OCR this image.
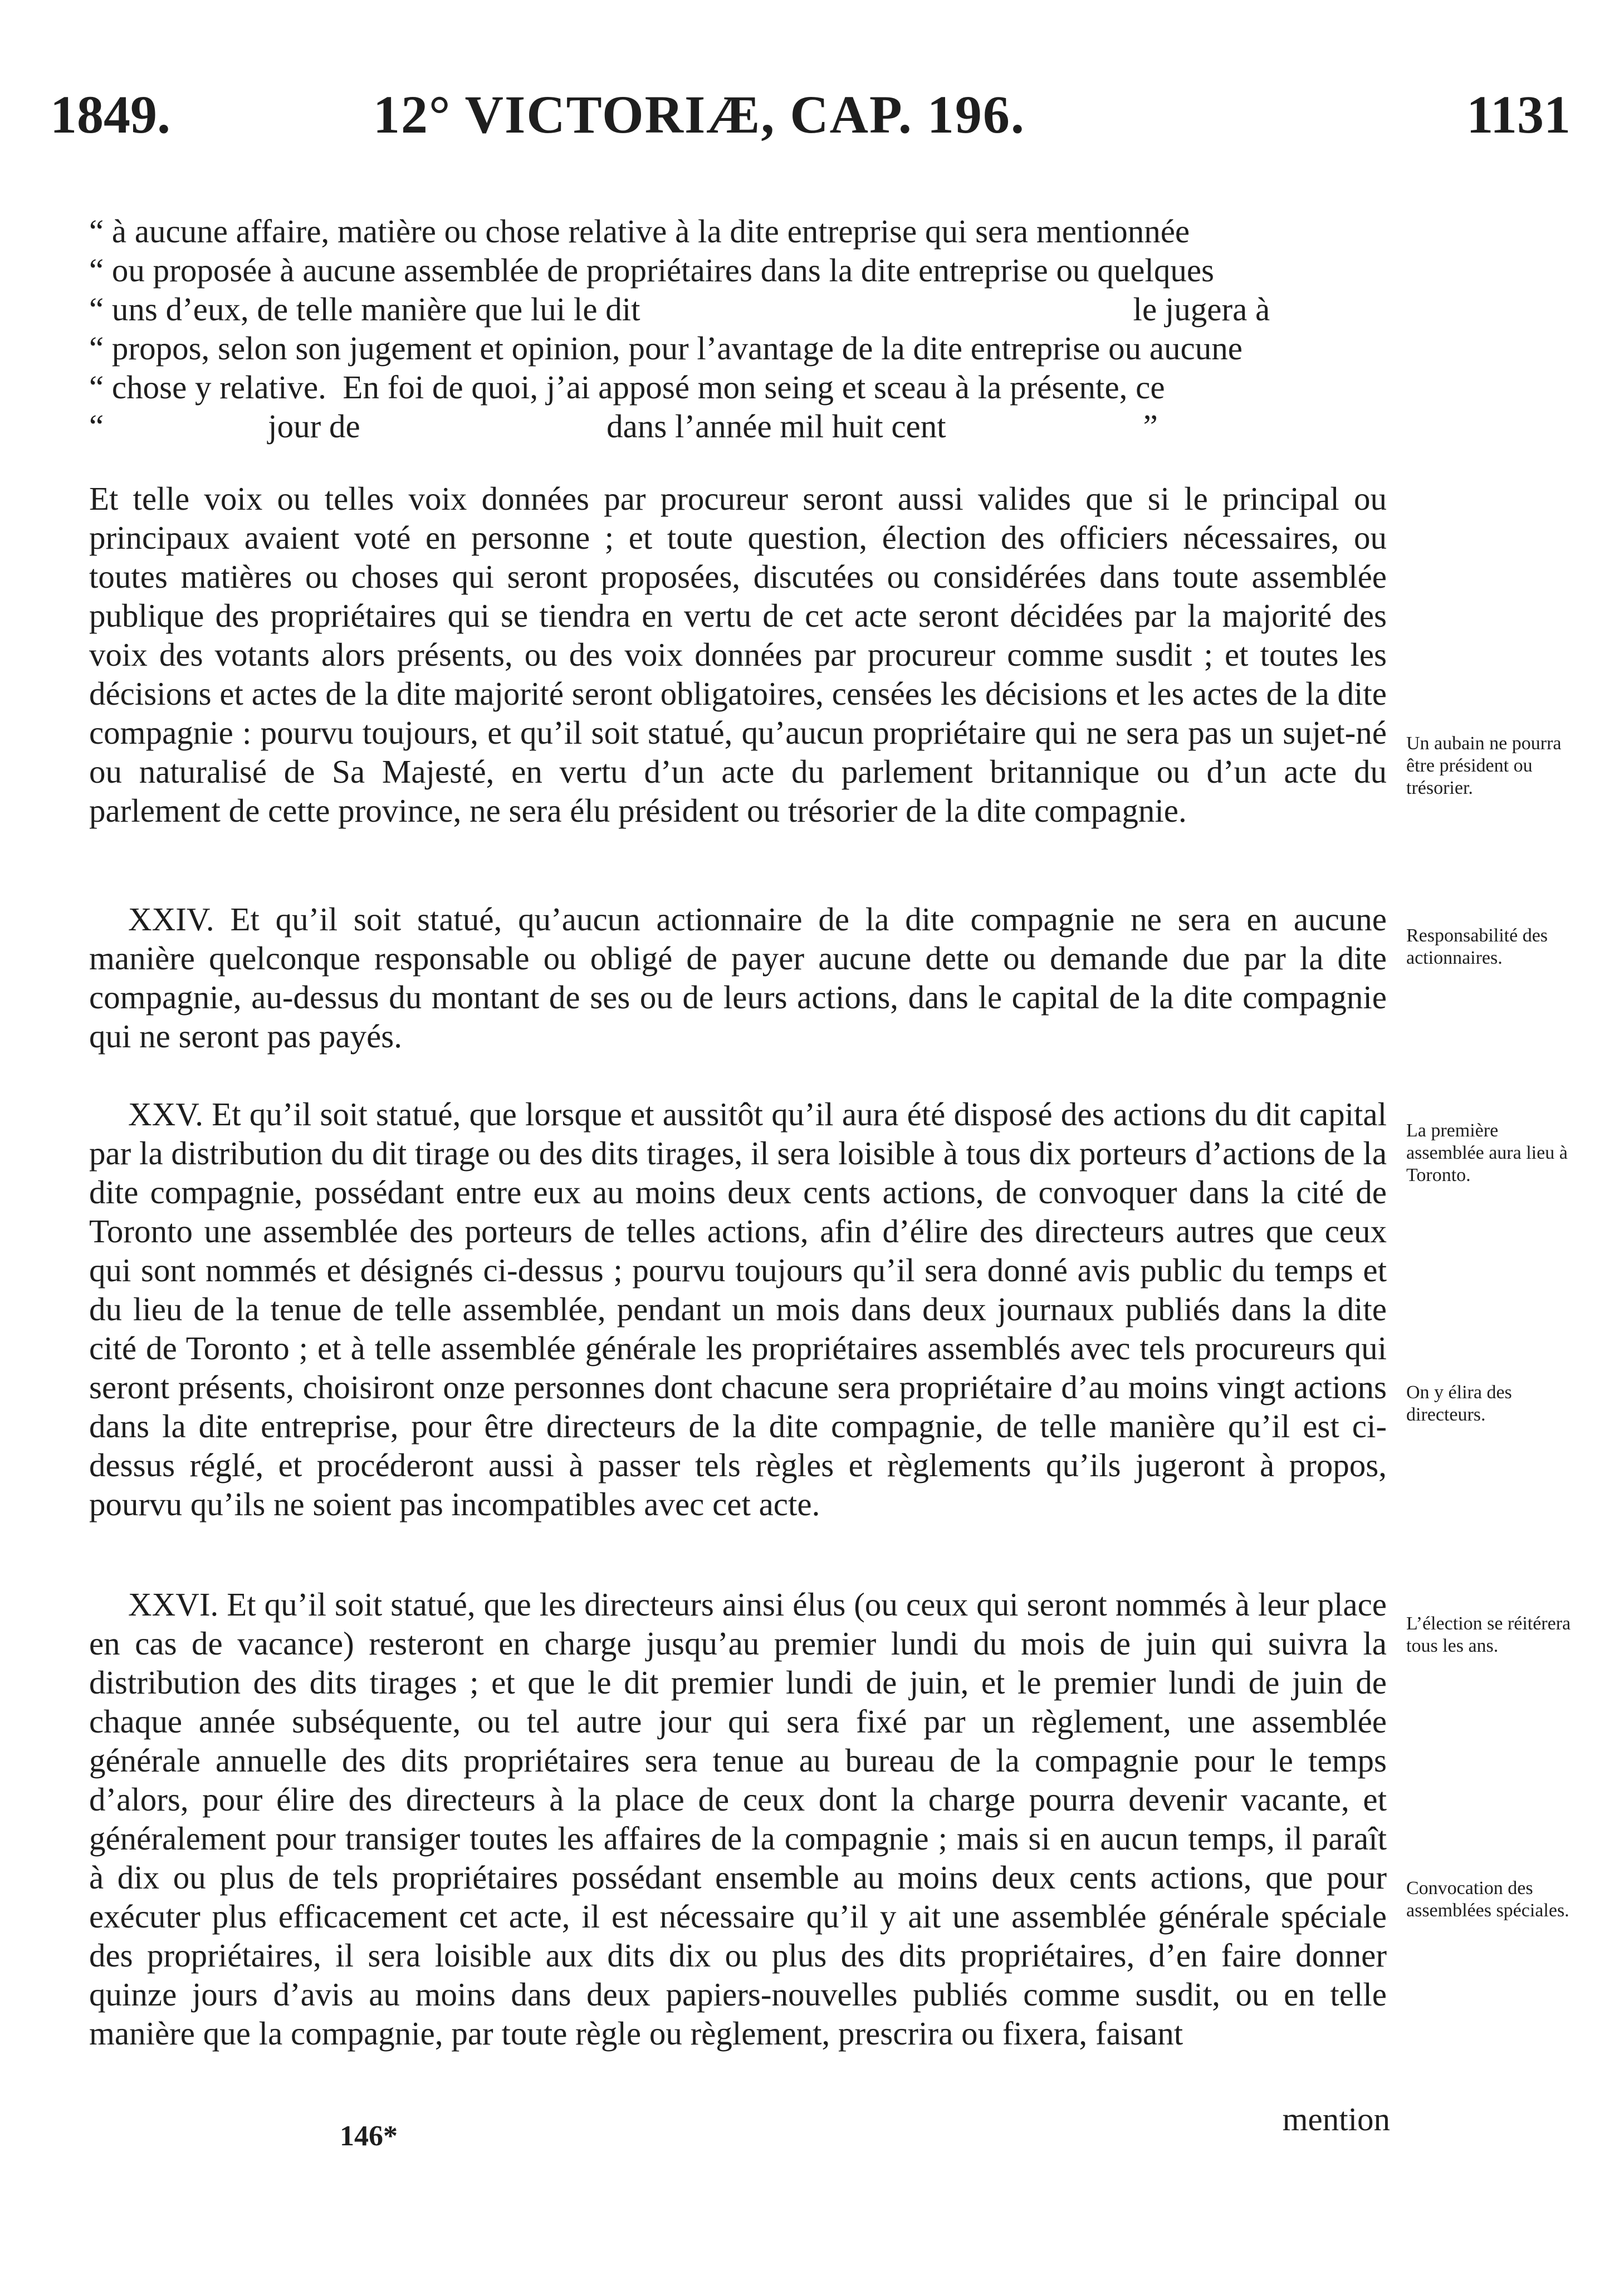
1849.	12° VICTORIÆ, CAP. 196.	1131
“ à aucune affaire, matière ou chose relative à la dite entreprise qui sera mentionnée
“ ou proposée à aucune assemblée de propriétaires dans la dite entreprise ou quelques
“ uns d’eux, de telle manière que lui le dit                                                            le jugera à
“ propos, selon son jugement et opinion, pour l’avantage de la dite entreprise ou aucune
“ chose y relative.  En foi de quoi, j’ai apposé mon seing et sceau à la présente, ce
“                    jour de                              dans l’année mil huit cent                        ”

Et telle voix ou telles voix données par procureur seront aussi valides que si le principal ou principaux avaient voté en personne ; et toute question, élection des officiers nécessaires, ou toutes matières ou choses qui seront proposées, discutées ou considérées dans toute assemblée publique des propriétaires qui se tiendra en vertu de cet acte seront décidées par la majorité des voix des votants alors présents, ou des voix données par procureur comme susdit ; et toutes les décisions et actes de la dite majorité seront obligatoires, censées les décisions et les actes de la dite compagnie : pourvu toujours, et qu’il soit statué, qu’aucun propriétaire qui ne sera pas un sujet-né ou naturalisé de Sa Majesté, en vertu d’un acte du parlement britannique ou d’un acte du parlement de cette province, ne sera élu président ou trésorier de la dite compagnie.

XXIV. Et qu’il soit statué, qu’aucun actionnaire de la dite compagnie ne sera en aucune manière quelconque responsable ou obligé de payer aucune dette ou demande due par la dite compagnie, au-dessus du montant de ses ou de leurs actions, dans le capital de la dite compagnie qui ne seront pas payés.

XXV. Et qu’il soit statué, que lorsque et aussitôt qu’il aura été disposé des actions du dit capital par la distribution du dit tirage ou des dits tirages, il sera loisible à tous dix porteurs d’actions de la dite compagnie, possédant entre eux au moins deux cents actions, de convoquer dans la cité de Toronto une assemblée des porteurs de telles actions, afin d’élire des directeurs autres que ceux qui sont nommés et désignés ci-dessus ; pourvu toujours qu’il sera donné avis public du temps et du lieu de la tenue de telle assemblée, pendant un mois dans deux journaux publiés dans la dite cité de Toronto ; et à telle assemblée générale les propriétaires assemblés avec tels procureurs qui seront présents, choisiront onze personnes dont chacune sera propriétaire d’au moins vingt actions dans la dite entreprise, pour être directeurs de la dite compagnie, de telle manière qu’il est ci-dessus réglé, et procéderont aussi à passer tels règles et règlements qu’ils jugeront à propos, pourvu qu’ils ne soient pas incompatibles avec cet acte.

XXVI. Et qu’il soit statué, que les directeurs ainsi élus (ou ceux qui seront nommés à leur place en cas de vacance) resteront en charge jusqu’au premier lundi du mois de juin qui suivra la distribution des dits tirages ; et que le dit premier lundi de juin, et le premier lundi de juin de chaque année subséquente, ou tel autre jour qui sera fixé par un règlement, une assemblée générale annuelle des dits propriétaires sera tenue au bureau de la compagnie pour le temps d’alors, pour élire des directeurs à la place de ceux dont la charge pourra devenir vacante, et généralement pour transiger toutes les affaires de la compagnie ; mais si en aucun temps, il paraît à dix ou plus de tels propriétaires possédant ensemble au moins deux cents actions, que pour exécuter plus efficacement cet acte, il est nécessaire qu’il y ait une assemblée générale spéciale des propriétaires, il sera loisible aux dits dix ou plus des dits propriétaires, d’en faire donner quinze jours d’avis au moins dans deux papiers-nouvelles publiés comme susdit, ou en telle manière que la compagnie, par toute règle ou règlement, prescrira ou fixera, faisant

Un aubain ne pourra être président ou trésorier.
Responsabilité des actionnaires.
La première assemblée aura lieu à Toronto.
On y élira des directeurs.
L’élection se réitérera tous les ans.
Convocation des assemblées spéciales.
mention
146*
